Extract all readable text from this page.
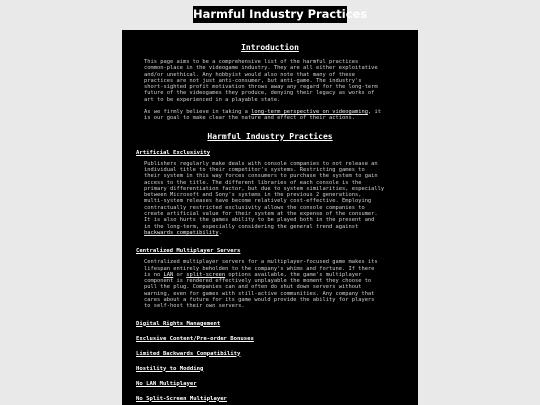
Harmful Industry Practices
Introduction

This page aims to be a comprehensive list of the harmful practices
common-place in the videogame industry. They are all either exploitative
and/or unethical. Any hobbyist would also note that many of these
practices are not just anti-consumer, but anti-game. The industry's
short-sighted profit motivation throws away any regard for the long-term
future of the videogames they produce, denying their legacy as works of
art to be experienced in a playable state.

As we firmly believe in taking a long-term perspective on videogaming, it
is our goal to make clear the nature and effect of their actions.

Harmful Industry Practices
Artificial Exclusivity

Publishers regularly make deals with console companies to not release an
individual title to their competitor's systems. Restricting games to
their system in this way forces consumers to purchase the system to gain
access to the title. The different libraries of each console is the
primary differentiation factor, but due to system similarities, especially
between Microsoft and Sony's systems in the previous 2 generations,
multi-system releases have become relatively cost-effective. Employing
contractually restricted exclusivity allows the console companies to
create artificial value for their system at the expense of the consumer.
It is also hurts the games ability to be played both in the present and
in the long-term, especially considering the general trend against
backwards compatibility.

Centralized Multiplayer Servers

Centralized multiplayer servers for a multiplayer-focused game makes its
lifespan entirely beholden to the company's whims and fortune. If there
is no LAN or split-screen options available, the game's multiplayer
component is rendered effectively unplayable the moment they choose to
pull the plug. Companies can and often do shut down servers without
warning, even for games with still-active communities. Any company that
cares about a future for its game would provide the ability for players
to self-host their own servers.

Digital Rights Management
Exclusive Content/Pre-order Bonuses
Limited Backwards Compatibility
Hostility to Modding
No LAN Multiplayer
No Split-Screen Multiplayer
